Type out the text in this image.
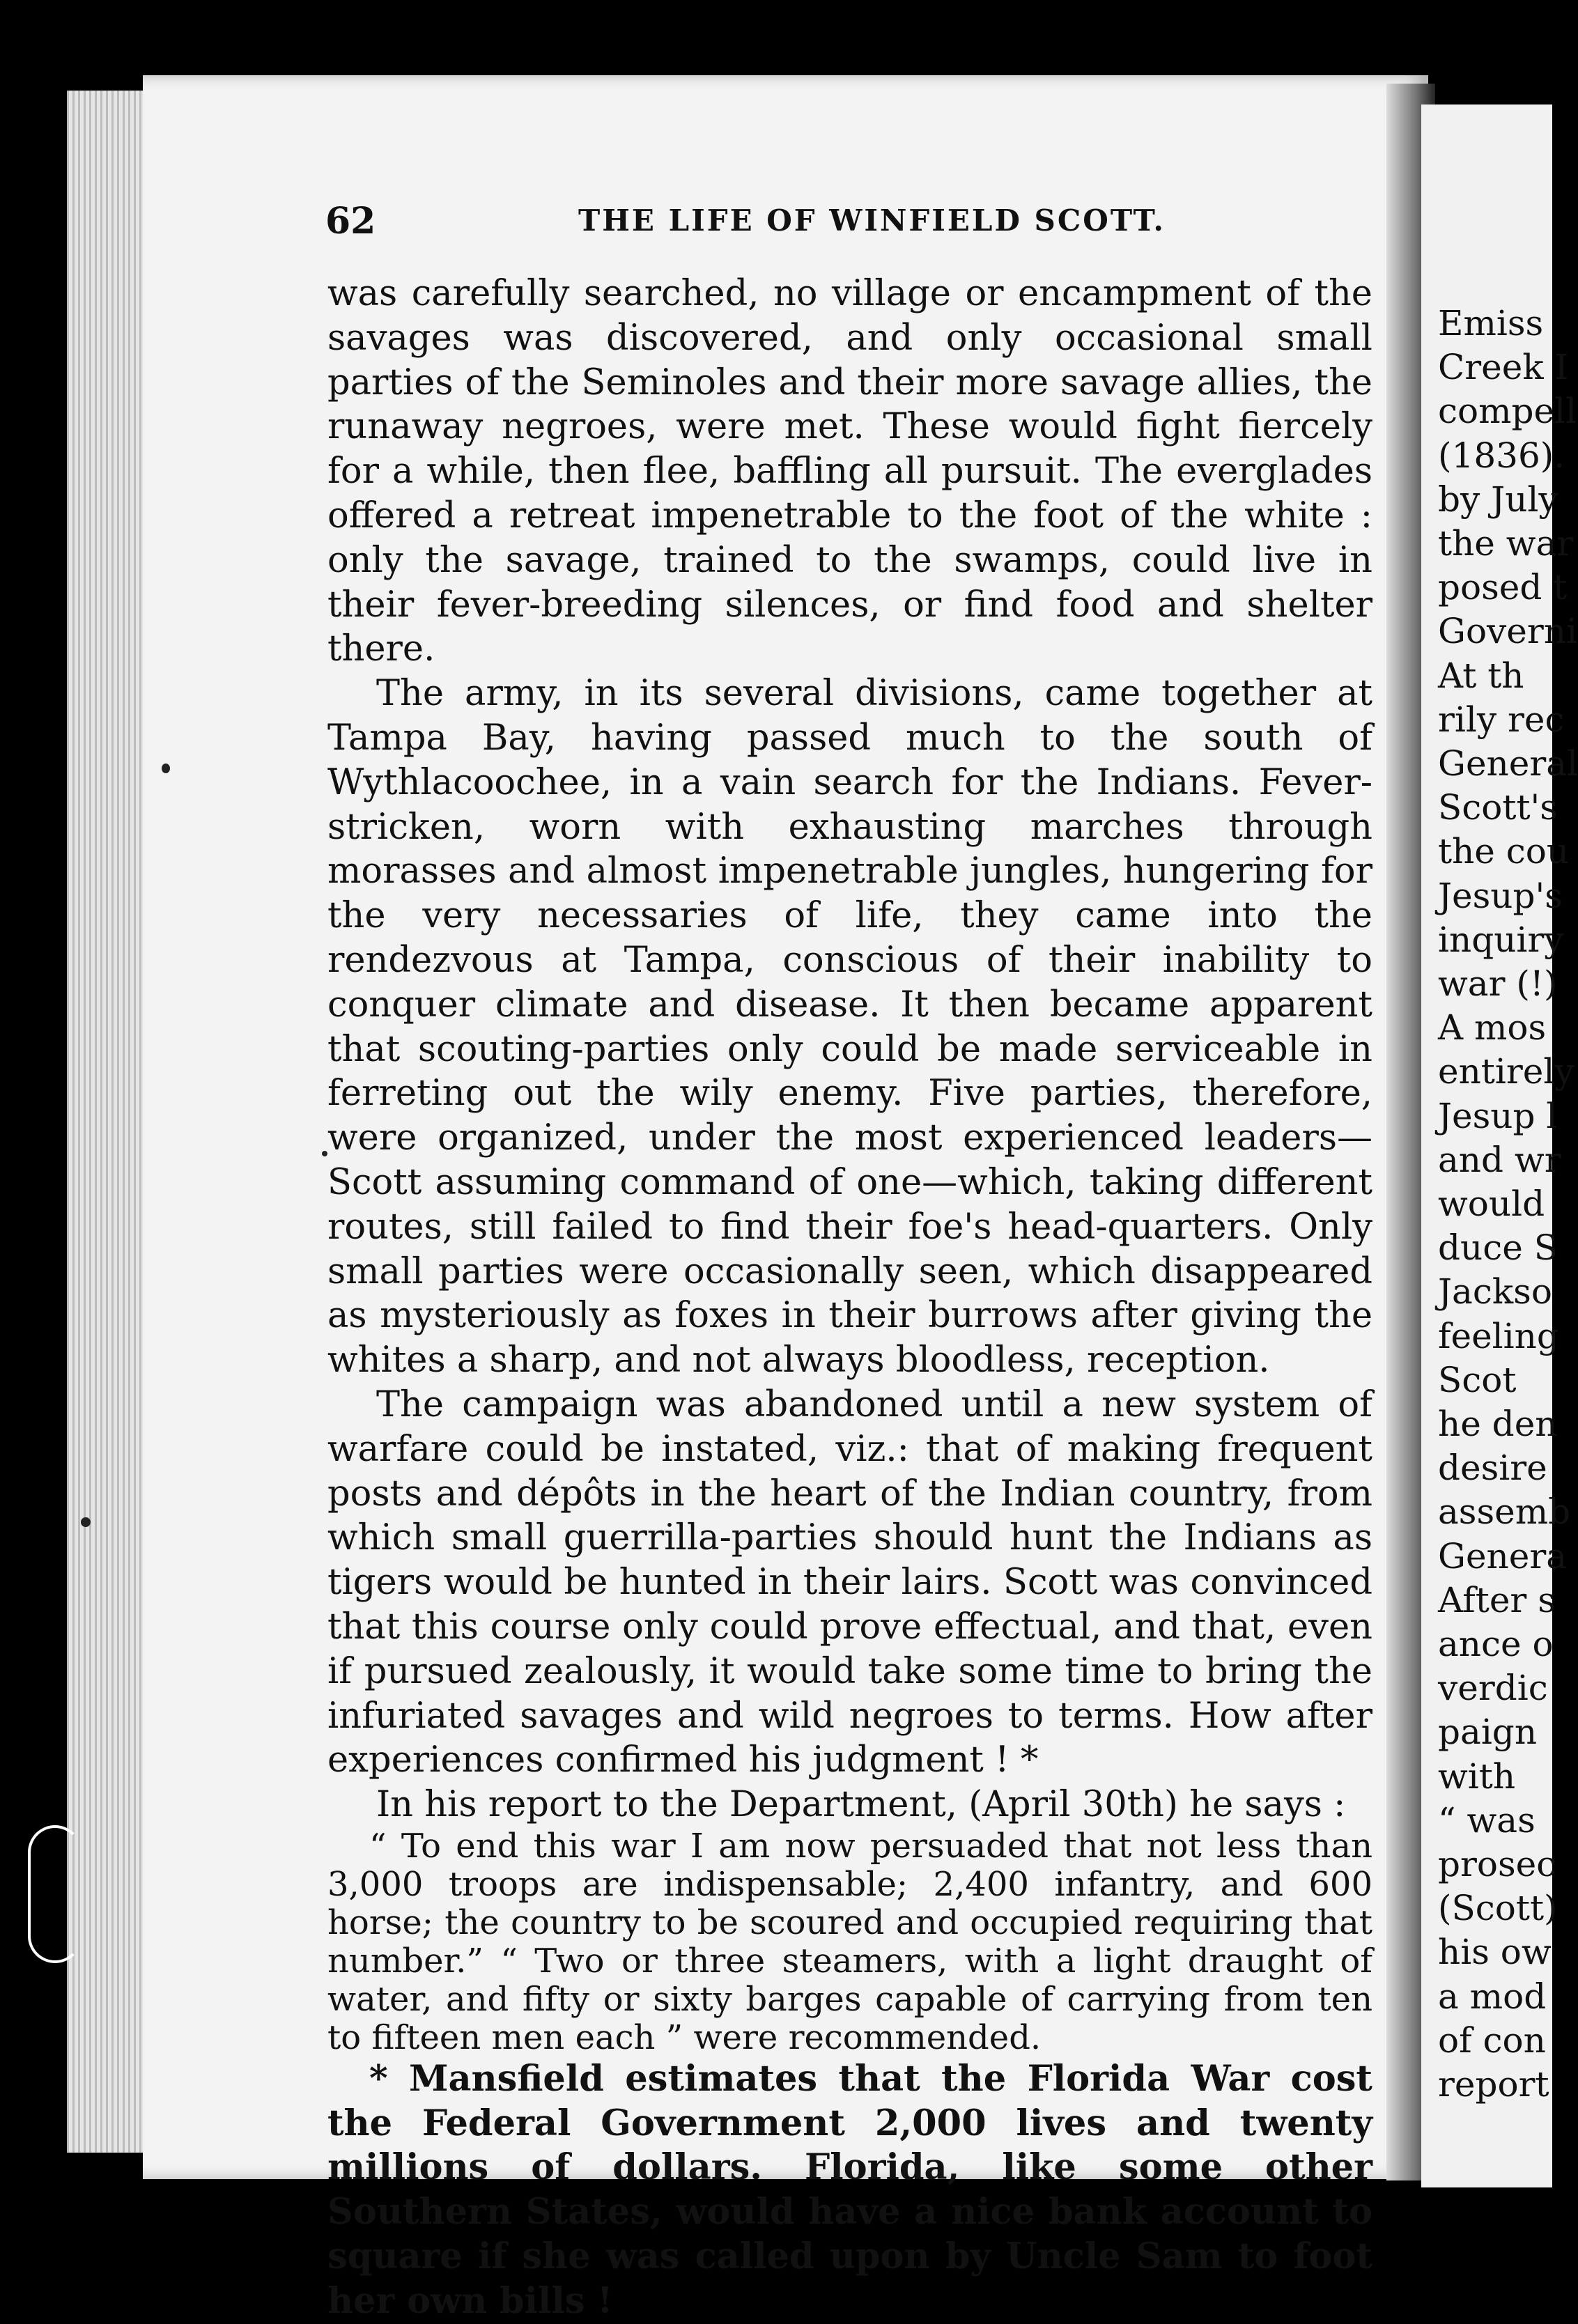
Emiss
Creek I
compell
(1836).
by July
the war
posed t
Governi
At th
rily rec
General
Scott's
the cou
Jesup's
inquiry
war (!)
A mos
entirely
Jesup l
and wr
would
duce S
Jackso
feeling
Scot
he den
desire
assemb
Genera
After s
ance o
verdic
paign
with
“ was
prosec
(Scott)
his ow
a mod
of con
report
62	THE LIFE OF WINFIELD SCOTT.

was carefully searched, no village or encampment of the savages was discovered, and only occasional small parties of the Seminoles and their more savage allies, the runaway negroes, were met. These would fight fiercely for a while, then flee, baffling all pursuit. The everglades offered a retreat impenetrable to the foot of the white : only the savage, trained to the swamps, could live in their fever-breeding silences, or find food and shelter there.

The army, in its several divisions, came together at Tampa Bay, having passed much to the south of Wythlacoochee, in a vain search for the Indians. Fever-stricken, worn with exhausting marches through morasses and almost impenetrable jungles, hungering for the very necessaries of life, they came into the rendezvous at Tampa, conscious of their inability to conquer climate and disease. It then became apparent that scouting-parties only could be made serviceable in ferreting out the wily enemy. Five parties, therefore, were organized, under the most experienced leaders—Scott assuming command of one—which, taking different routes, still failed to find their foe's head-quarters. Only small parties were occasionally seen, which disappeared as mysteriously as foxes in their burrows after giving the whites a sharp, and not always bloodless, reception.

The campaign was abandoned until a new system of warfare could be instated, viz.: that of making frequent posts and dépôts in the heart of the Indian country, from which small guerrilla-parties should hunt the Indians as tigers would be hunted in their lairs. Scott was convinced that this course only could prove effectual, and that, even if pursued zealously, it would take some time to bring the infuriated savages and wild negroes to terms. How after experiences confirmed his judgment ! *

In his report to the Department, (April 30th) he says :

“ To end this war I am now persuaded that not less than 3,000 troops are indispensable; 2,400 infantry, and 600 horse; the country to be scoured and occupied requiring that number.” “ Two or three steamers, with a light draught of water, and fifty or sixty barges capable of carrying from ten to fifteen men each ” were recommended.

* Mansfield estimates that the Florida War cost the Federal Government 2,000 lives and twenty millions of dollars. Florida, like some other Southern States, would have a nice bank account to square if she was called upon by Uncle Sam to foot her own bills !
